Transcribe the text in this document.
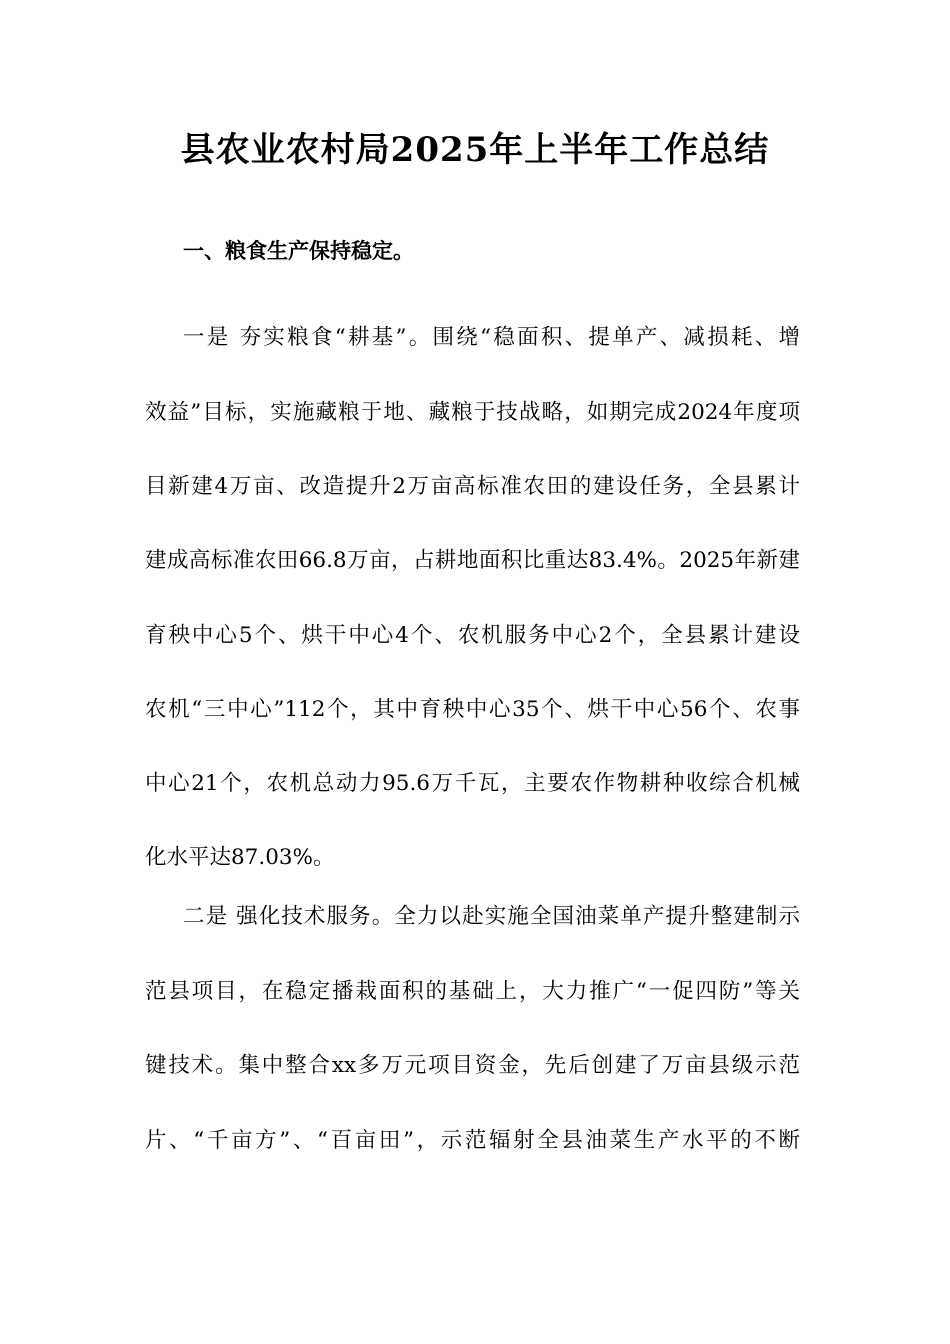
县农业农村局2025年上半年工作总结
一、粮食生产保持稳定。
一是 夯实粮食“耕基”。围绕“稳面积、提单产、减损耗、增
效益”目标，实施藏粮于地、藏粮于技战略，如期完成2024年度项
目新建4万亩、改造提升2万亩高标准农田的建设任务，全县累计
建成高标准农田66.8万亩，占耕地面积比重达83.4%。2025年新建
育秧中心5个、烘干中心4个、农机服务中心2个，全县累计建设
农机“三中心”112个，其中育秧中心35个、烘干中心56个、农事
中心21个，农机总动力95.6万千瓦，主要农作物耕种收综合机械
化水平达87.03%。
二是 强化技术服务。全力以赴实施全国油菜单产提升整建制示
范县项目，在稳定播栽面积的基础上，大力推广“一促四防”等关
键技术。集中整合xx多万元项目资金，先后创建了万亩县级示范
片、“千亩方”、“百亩田”，示范辐射全县油菜生产水平的不断
